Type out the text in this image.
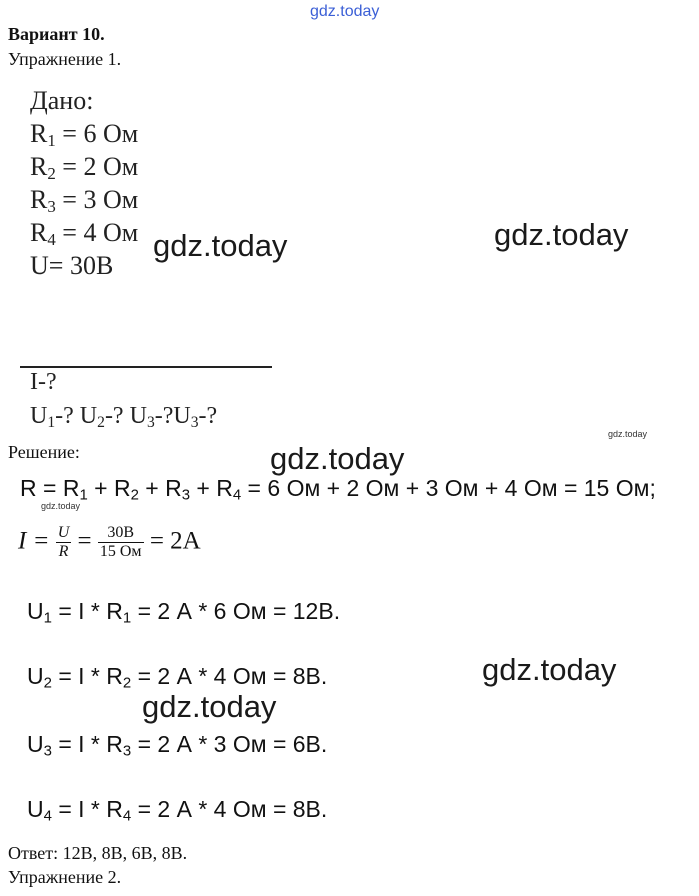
gdz.today
gdz.today	gdz.today
gdz.today
gdz.today
gdz.today
gdz.today
gdz.today
Вариант 10.
Упражнение 1.
Дано:
$R_1 = 6$ Ом
$R_2 = 2$ Ом
$R_3 = 3$ Ом
$R_4 = 4$ Ом
U= 30В
I-?
$U_1-$? $U_2-$? $U_3-?U_3-$?
Решение:
$R = R_1 + R_2 + R_3 + R_4 = 6$ Ом + 2 Ом + 3 Ом + 4 Ом = 15 Ом;
$I = \frac{U}{R} = \frac{30В}{15 Ом} = 2А$
$U_1 = I * R_1 = 2$ А * 6 Ом = 12В.
$U_2 = I * R_2 = 2$ А * 4 Ом = 8В.
$U_3 = I * R_3 = 2$ А * 3 Ом = 6В.
$U_4 = I * R_4 = 2$ А * 4 Ом = 8В.
Ответ: 12В, 8В, 6В, 8В.
Упражнение 2.
